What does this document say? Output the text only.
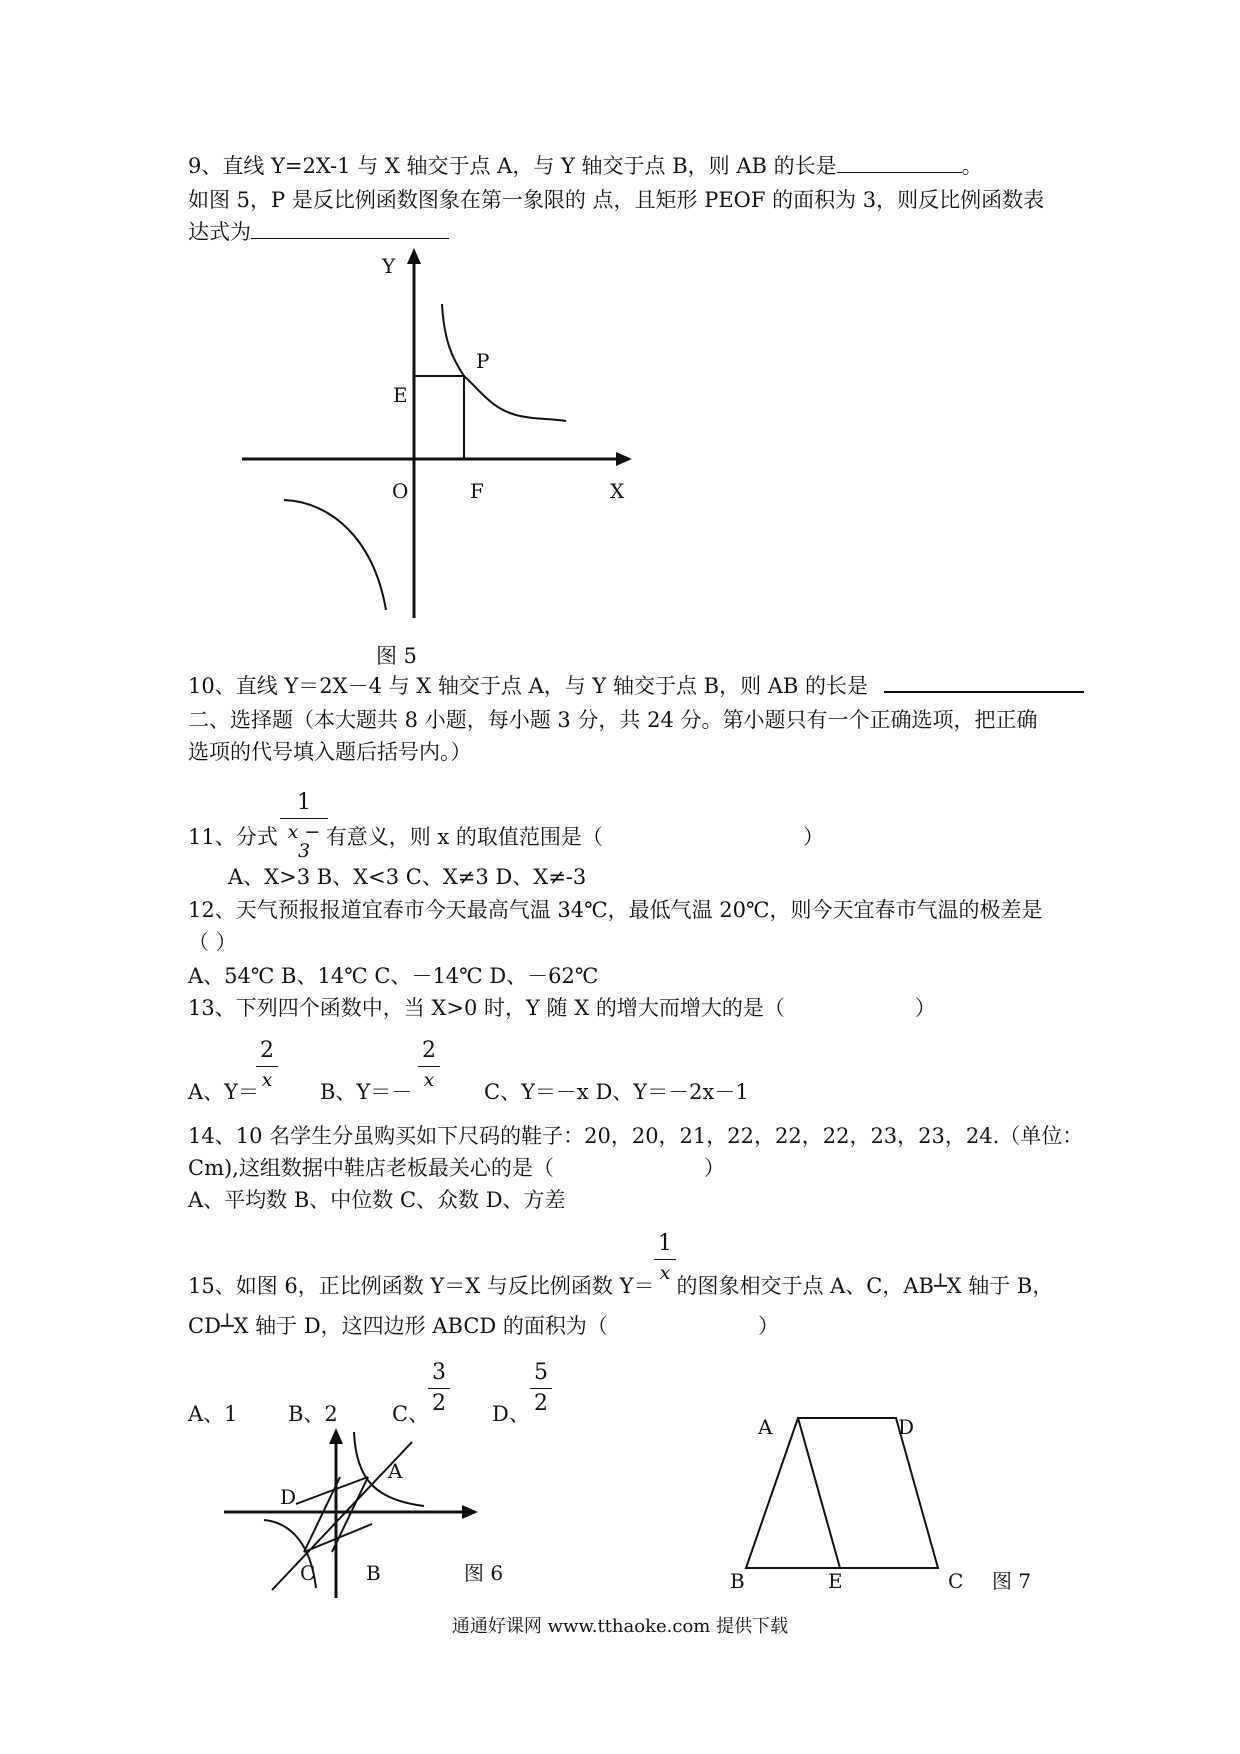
9、直线 Y=2X-1 与 X 轴交于点 A，与 Y 轴交于点 B，则 AB 的长是	。
如图 5，P 是反比例函数图象在第一象限的 点，且矩形 PEOF 的面积为 3，则反比例函数表
达式为
Y
P
E
O	F	X
图 5
10、直线 Y＝2X－4 与 X 轴交于点 A，与 Y 轴交于点 B，则 AB 的长是
二、选择题（本大题共 8 小题，每小题 3 分，共 24 分。第小题只有一个正确选项，把正确
选项的代号填入题后括号内。）
1
x − 3
11、分式 有意义，则 x 的取值范围是（	）
A、X>3 B、X<3 C、X≠3 D、X≠-3
12、天气预报报道宜春市今天最高气温 34℃，最低气温 20℃，则今天宜春市气温的极差是
（ ）
A、54℃ B、14℃ C、－14℃ D、－62℃
13、下列四个函数中，当 X>0 时，Y 随 X 的增大而增大的是（	）
2
x
2
x
A、Y＝	B、Y＝－	C、Y＝－x D、Y＝－2x－1
14、10 名学生分虽购买如下尺码的鞋子：20，20，21，22，22，22，23，23，24.（单位：
Cm),这组数据中鞋店老板最关心的是（	）
A、平均数 B、中位数 C、众数 D、方差
1
x
15、如图 6，正比例函数 Y＝X 与反比例函数 Y＝ 的图象相交于点 A、C，AB┴X 轴于 B，
CD┴X 轴于 D，这四边形 ABCD 的面积为（	）
A、1 B、2	C、
3
2 D、
5
2
A
D
C	B	图 6
A	D
B	E	C 图 7
通通好课网 www.tthaoke.com 提供下载
